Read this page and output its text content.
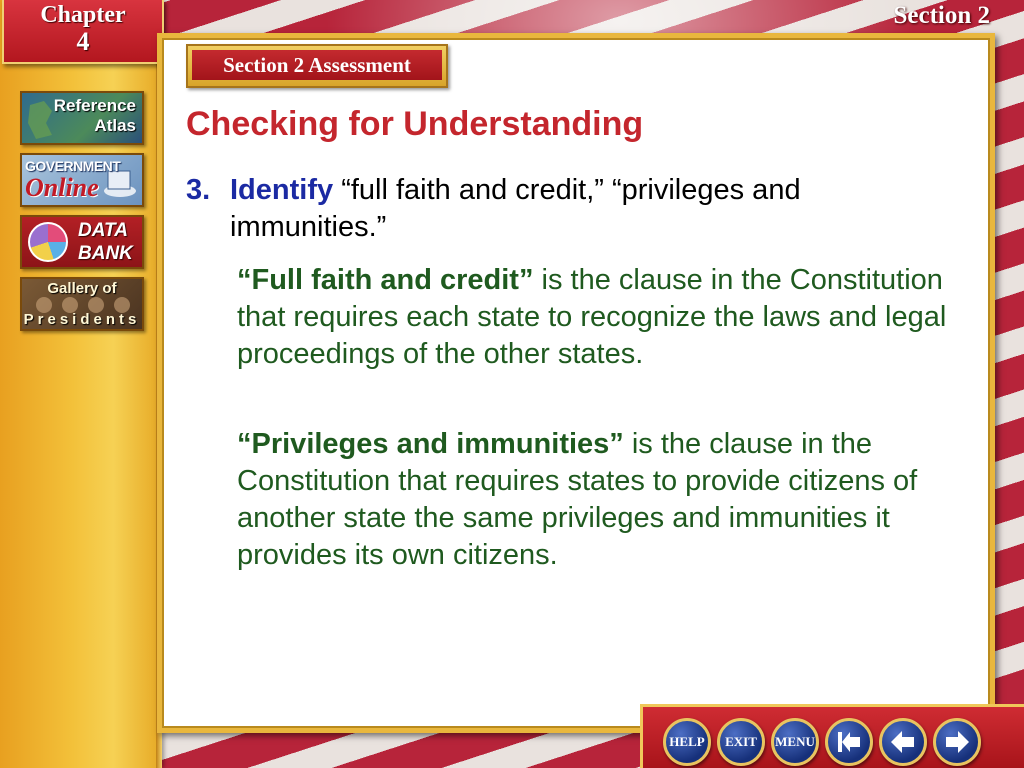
Chapter
4
Section 2
Reference
Atlas
GOVERNMENT
Online
DATA
BANK
Gallery of
Presidents
Section 2 Assessment
Checking for Understanding
3. Identify “full faith and credit,” “privileges and immunities.”
“Full faith and credit” is the clause in the Constitution that requires each state to recognize the laws and legal proceedings of the other states.
“Privileges and immunities” is the clause in the Constitution that requires states to provide citizens of another state the same privileges and immunities it provides its own citizens.
HELP	EXIT	MENU
